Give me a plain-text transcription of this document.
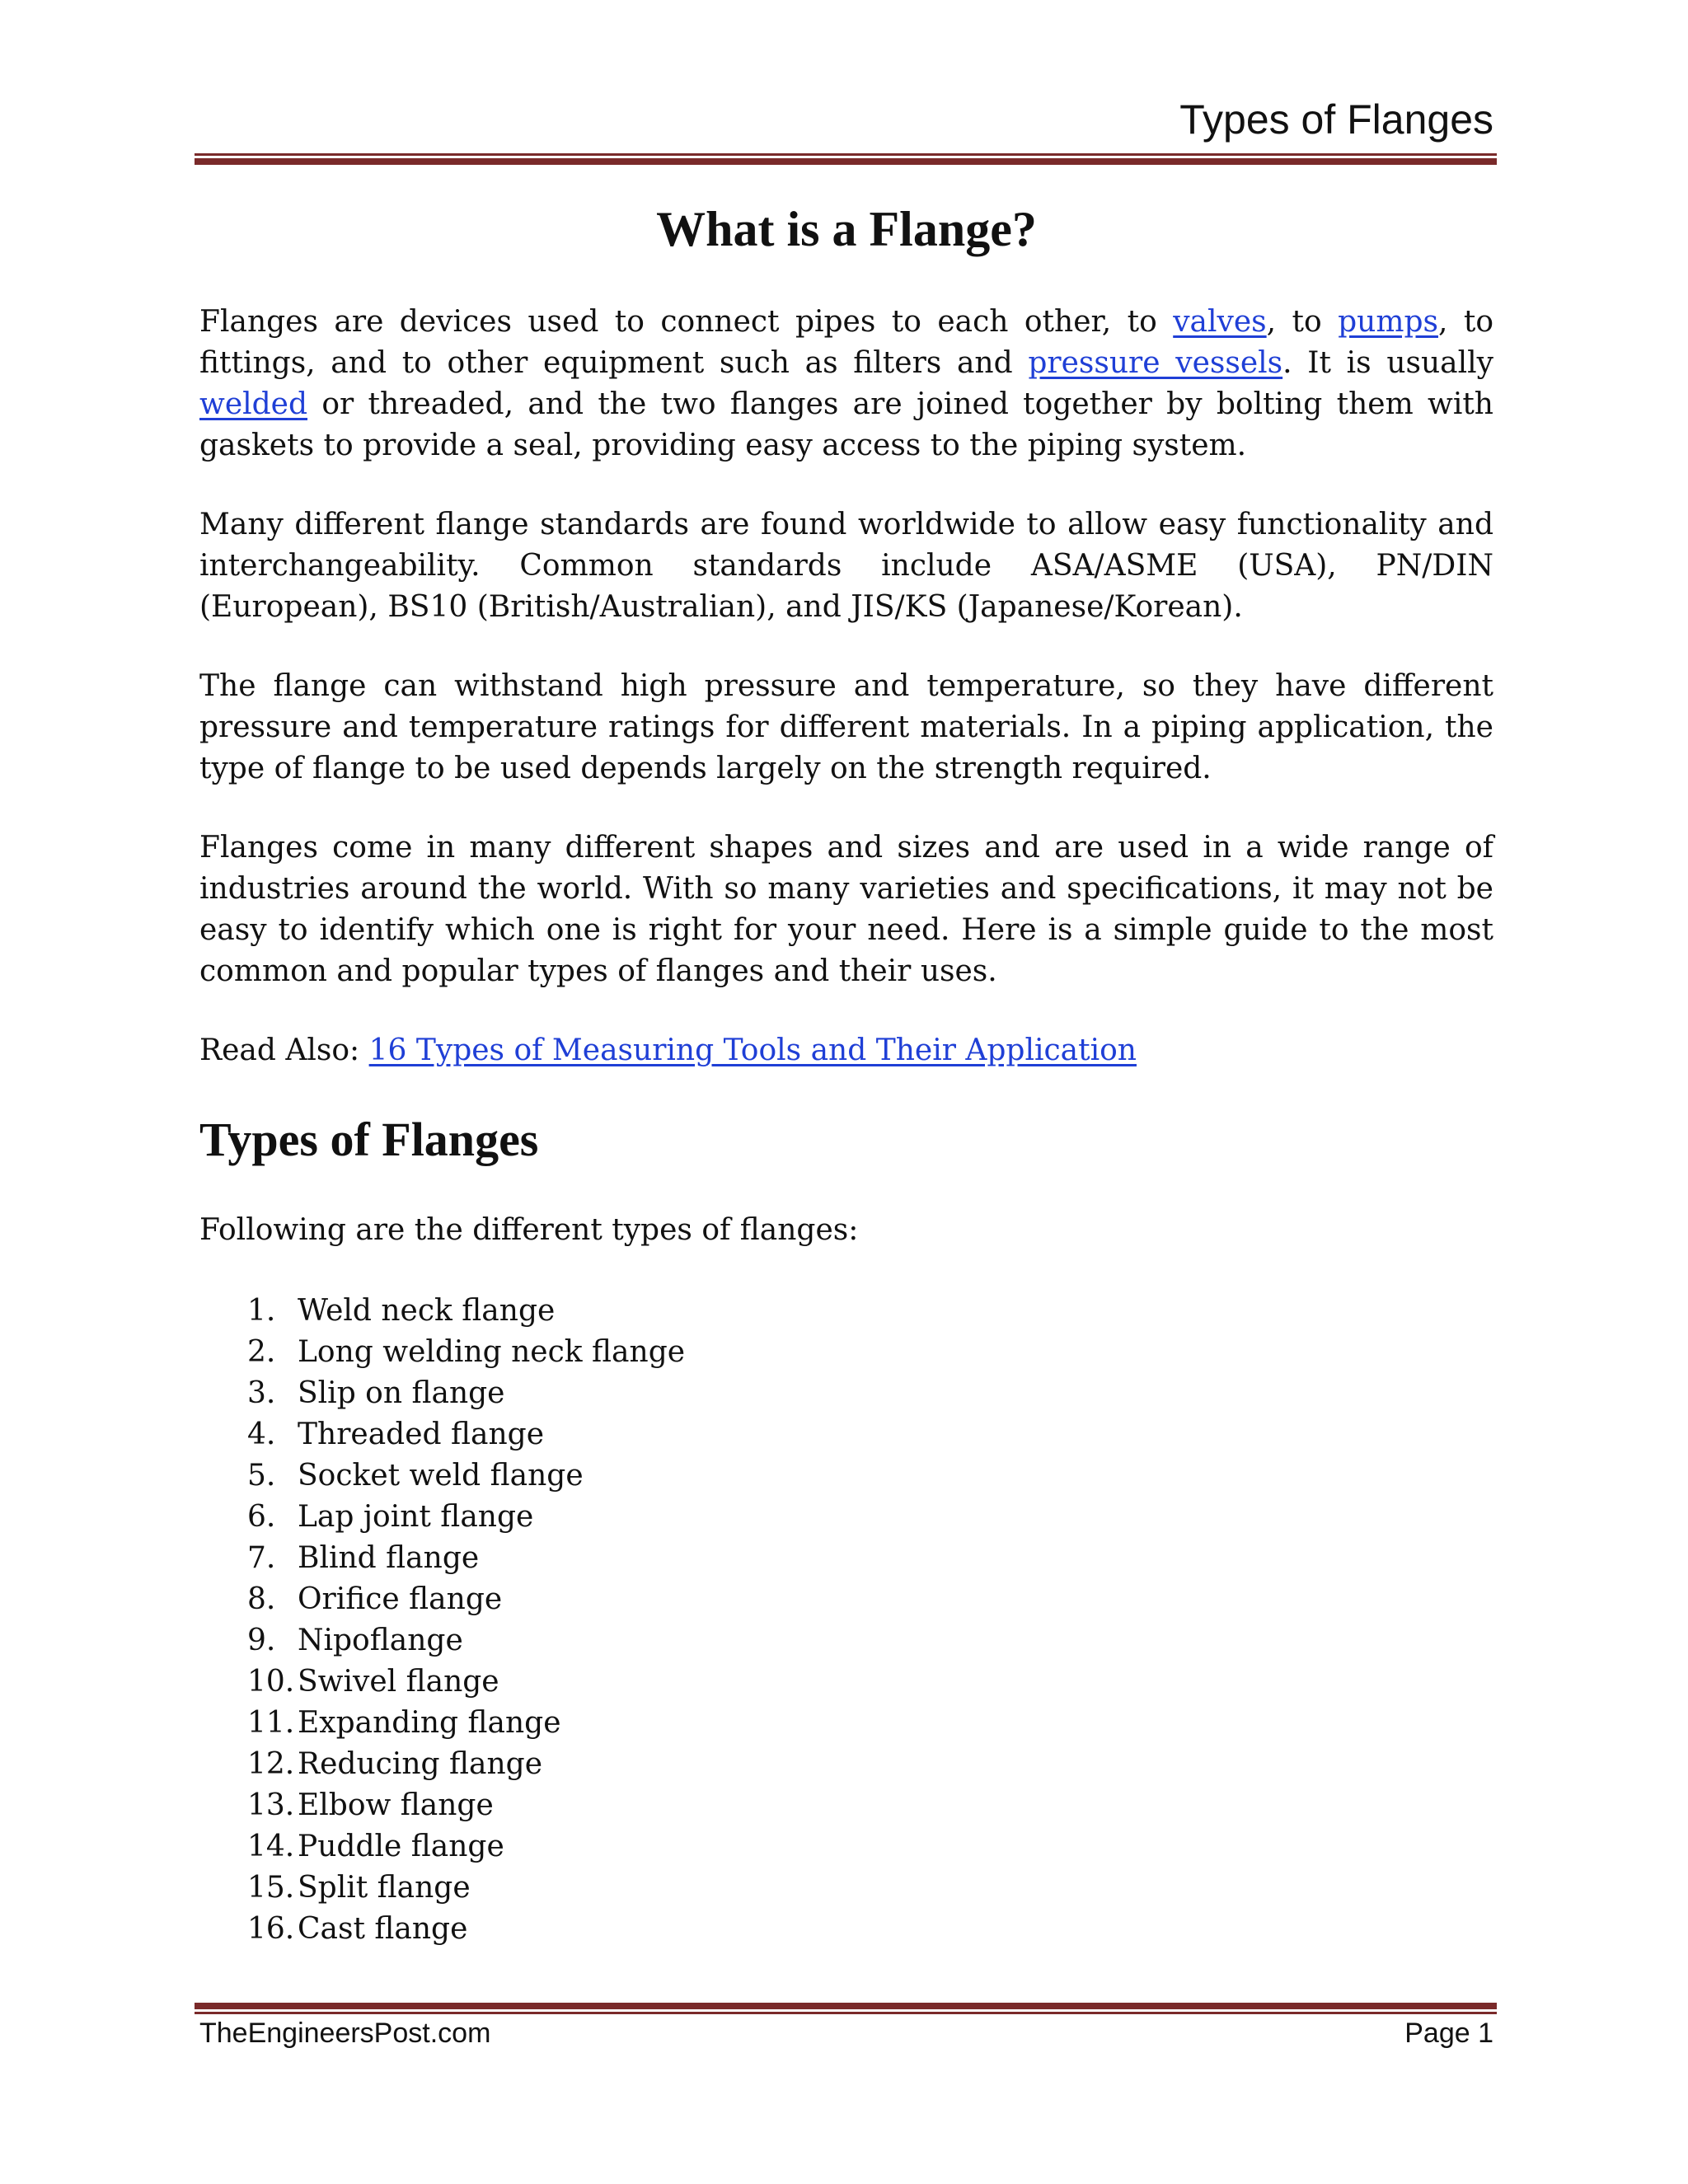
Types of Flanges
What is a Flange?
Flanges are devices used to connect pipes to each other, to valves, to pumps, to fittings, and to other equipment such as filters and pressure vessels. It is usually welded or threaded, and the two flanges are joined together by bolting them with gaskets to provide a seal, providing easy access to the piping system.
Many different flange standards are found worldwide to allow easy functionality and interchangeability. Common standards include ASA/ASME (USA), PN/DIN (European), BS10 (British/Australian), and JIS/KS (Japanese/Korean).
The flange can withstand high pressure and temperature, so they have different pressure and temperature ratings for different materials. In a piping application, the type of flange to be used depends largely on the strength required.
Flanges come in many different shapes and sizes and are used in a wide range of industries around the world. With so many varieties and specifications, it may not be easy to identify which one is right for your need. Here is a simple guide to the most common and popular types of flanges and their uses.
Read Also: 16 Types of Measuring Tools and Their Application
Types of Flanges
Following are the different types of flanges:
1. Weld neck flange
2. Long welding neck flange
3. Slip on flange
4. Threaded flange
5. Socket weld flange
6. Lap joint flange
7. Blind flange
8. Orifice flange
9. Nipoflange
10. Swivel flange
11. Expanding flange
12. Reducing flange
13. Elbow flange
14. Puddle flange
15. Split flange
16. Cast flange
TheEngineersPost.com	Page 1
